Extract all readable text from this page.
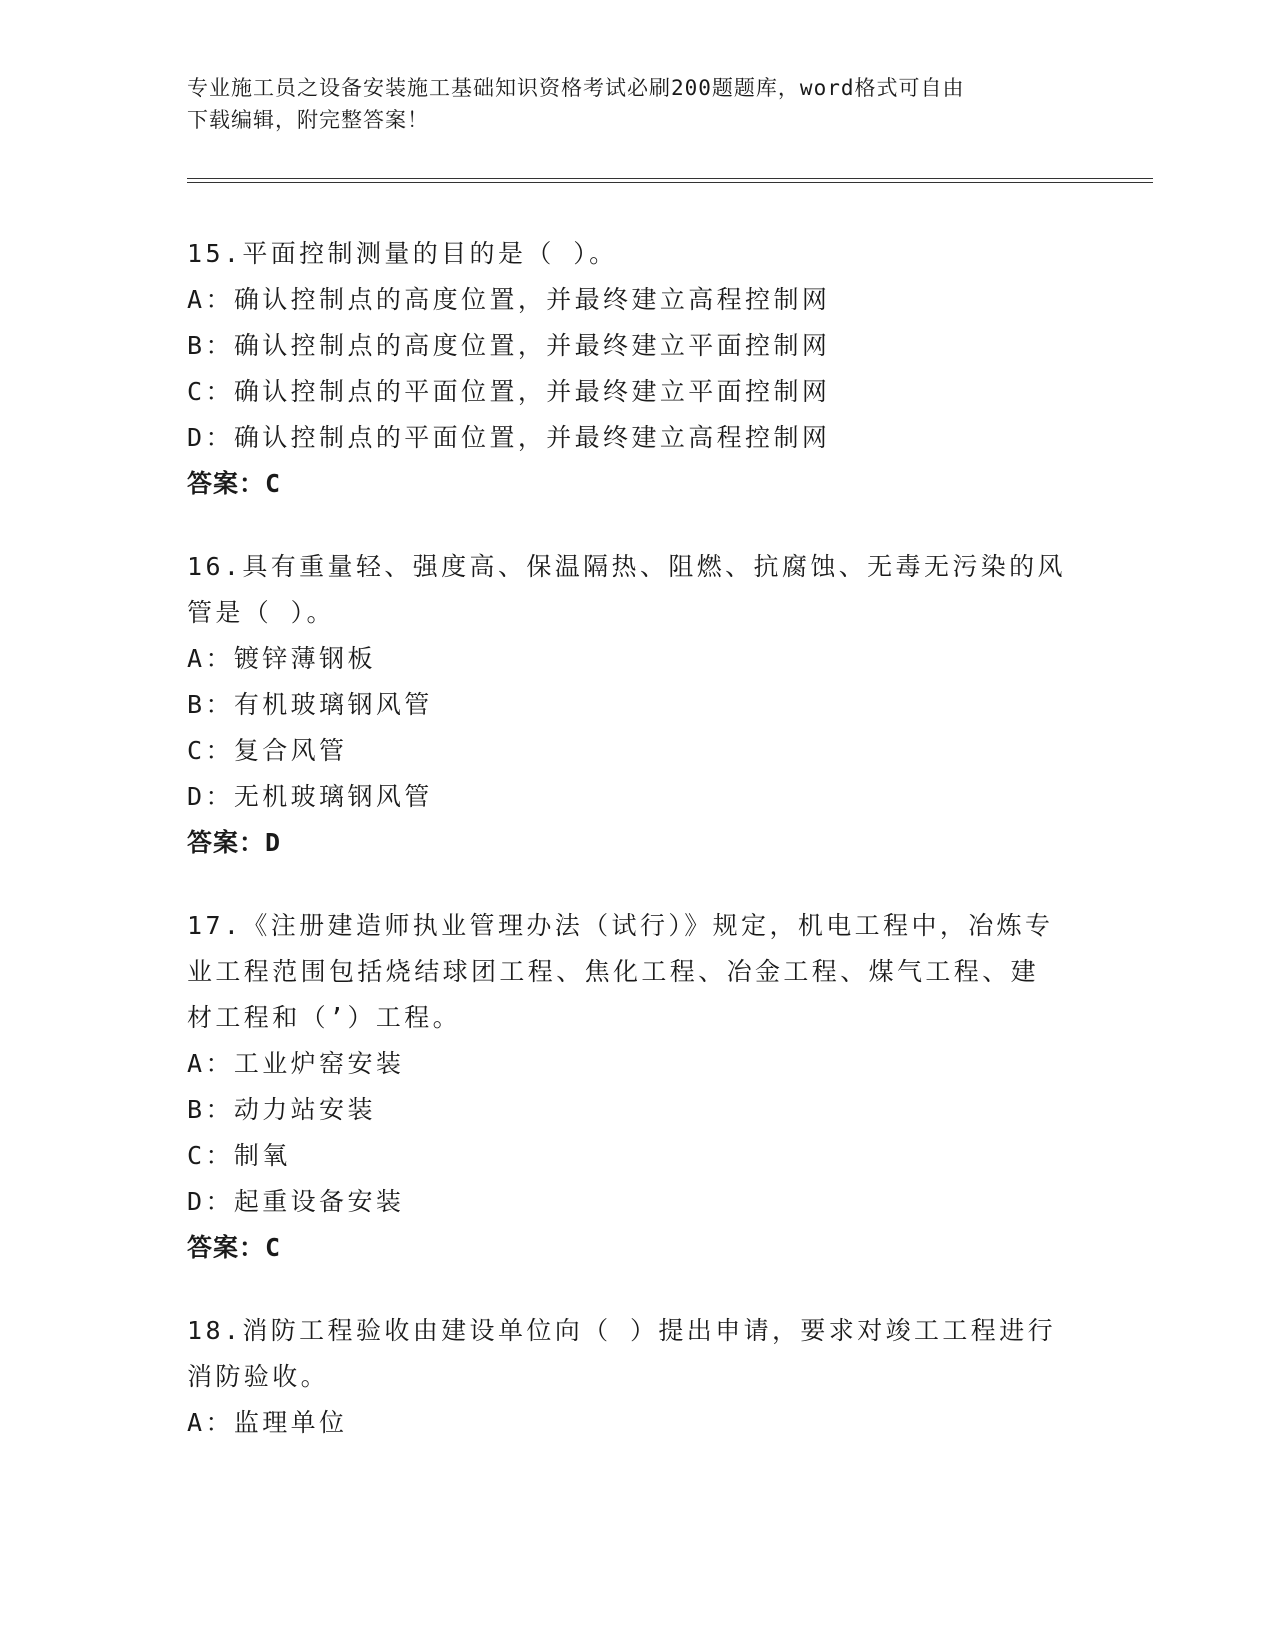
专业施工员之设备安装施工基础知识资格考试必刷200题题库，word格式可自由
下载编辑，附完整答案！
15.平面控制测量的目的是（ ）。
A：确认控制点的高度位置，并最终建立高程控制网
B：确认控制点的高度位置，并最终建立平面控制网
C：确认控制点的平面位置，并最终建立平面控制网
D：确认控制点的平面位置，并最终建立高程控制网
答案：C
16.具有重量轻、强度高、保温隔热、阻燃、抗腐蚀、无毒无污染的风
管是（ ）。
A：镀锌薄钢板
B：有机玻璃钢风管
C：复合风管
D：无机玻璃钢风管
答案：D
17.《注册建造师执业管理办法（试行）》规定，机电工程中，冶炼专
业工程范围包括烧结球团工程、焦化工程、冶金工程、煤气工程、建
材工程和（’）工程。
A：工业炉窑安装
B：动力站安装
C：制氧
D：起重设备安装
答案：C
18.消防工程验收由建设单位向（ ）提出申请，要求对竣工工程进行
消防验收。
A：监理单位
